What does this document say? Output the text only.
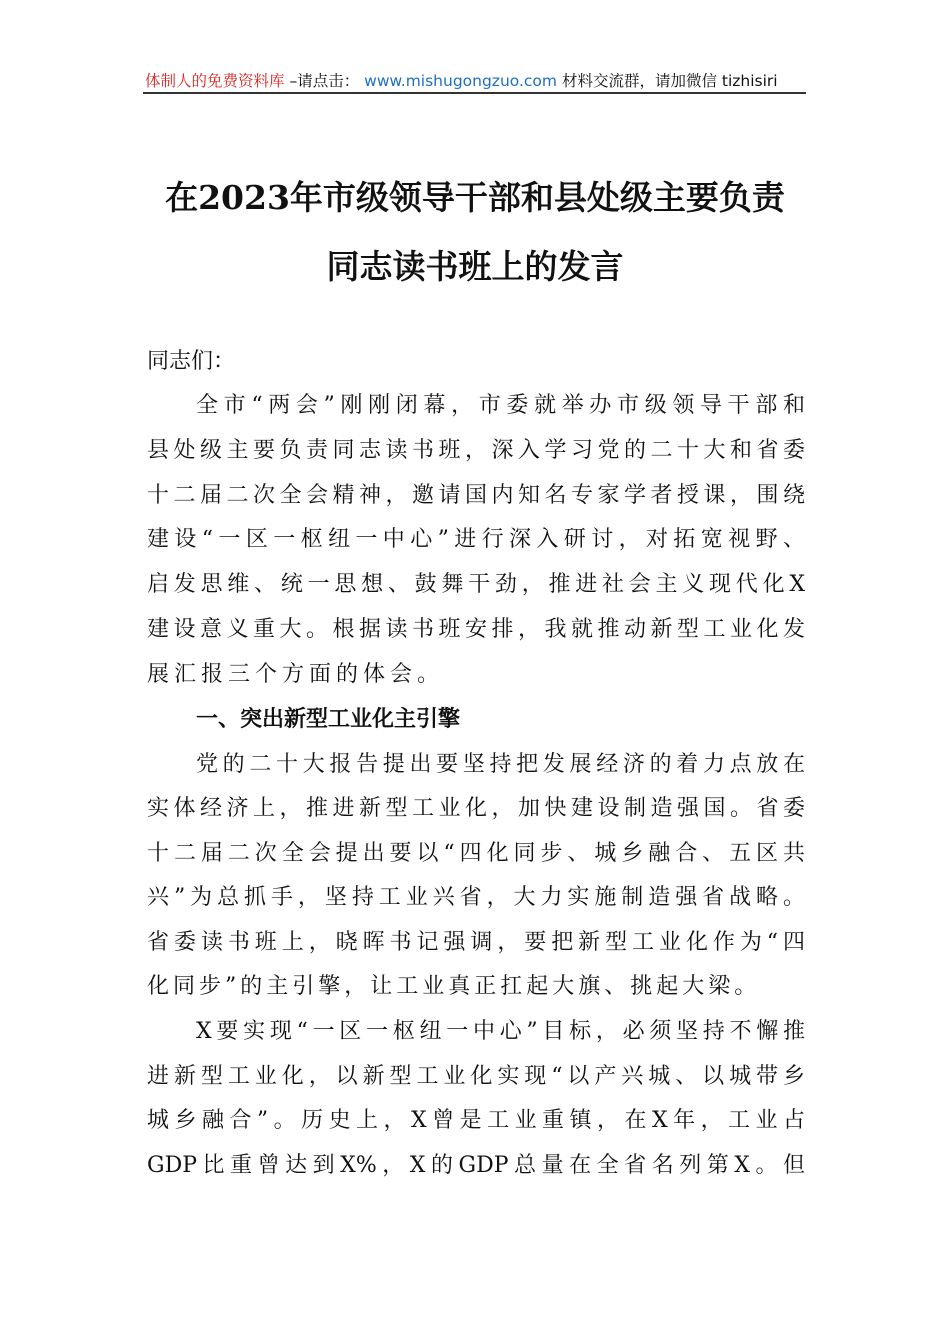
体制人的免费资料库 –请点击： www.mishugongzuo.com 材料交流群，请加微信 tizhisiri
在2023年市级领导干部和县处级主要负责
同志读书班上的发言
同志们：
全市“两会”刚刚闭幕，市委就举办市级领导干部和
县处级主要负责同志读书班，深入学习党的二十大和省委
十二届二次全会精神，邀请国内知名专家学者授课，围绕
建设“一区一枢纽一中心”进行深入研讨，对拓宽视野、
启发思维、统一思想、鼓舞干劲，推进社会主义现代化X
建设意义重大。根据读书班安排，我就推动新型工业化发
展汇报三个方面的体会。
一、突出新型工业化主引擎
党的二十大报告提出要坚持把发展经济的着力点放在
实体经济上，推进新型工业化，加快建设制造强国。省委
十二届二次全会提出要以“四化同步、城乡融合、五区共
兴”为总抓手，坚持工业兴省，大力实施制造强省战略。
省委读书班上，晓晖书记强调，要把新型工业化作为“四
化同步”的主引擎，让工业真正扛起大旗、挑起大梁。
X要实现“一区一枢纽一中心”目标，必须坚持不懈推
进新型工业化，以新型工业化实现“以产兴城、以城带乡
城乡融合”。历史上，X曾是工业重镇，在X年，工业占
GDP比重曾达到X%，X的GDP总量在全省名列第X。但
